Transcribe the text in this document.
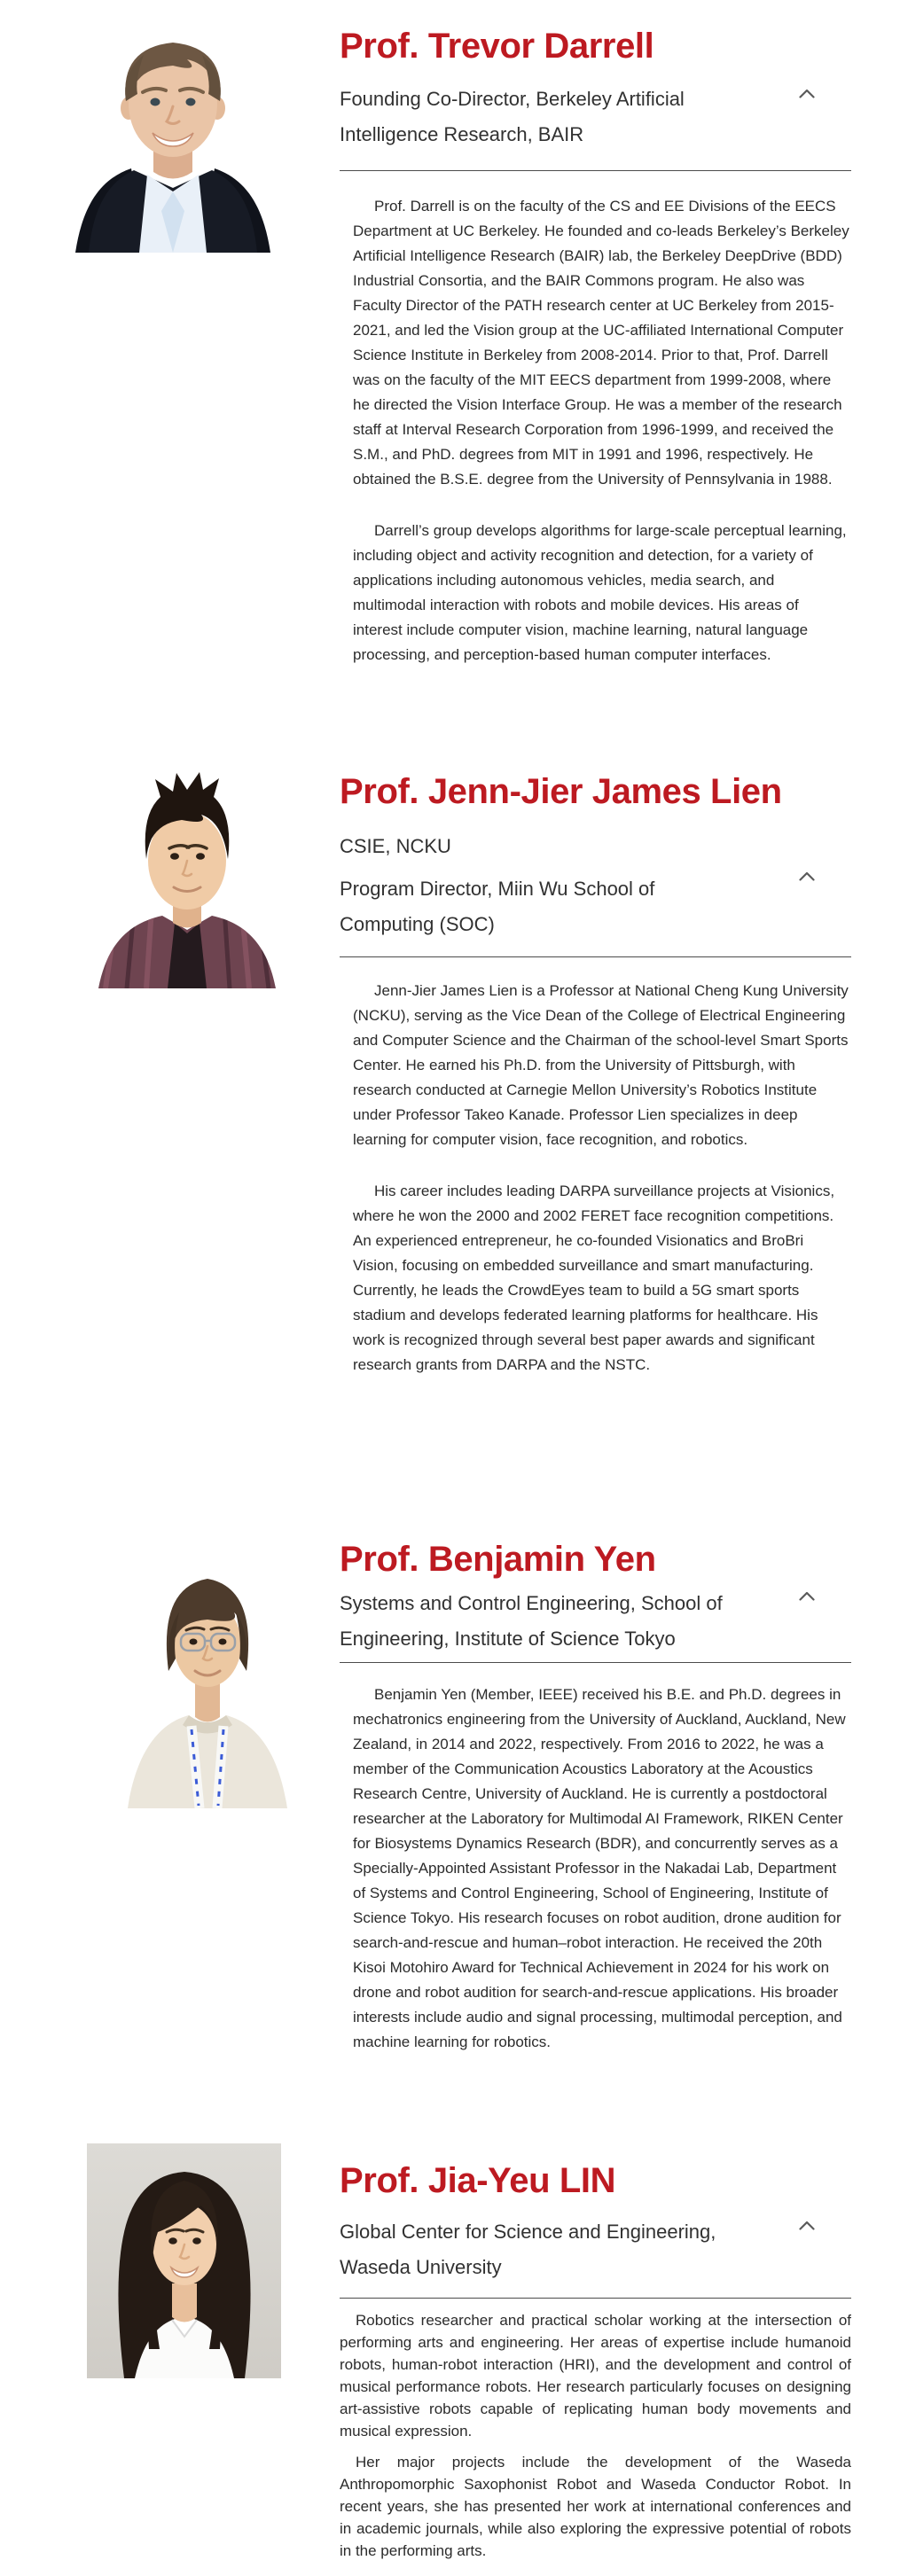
Prof. Trevor Darrell
Founding Co-Director, Berkeley Artificial Intelligence Research, BAIR

Prof. Darrell is on the faculty of the CS and EE Divisions of the EECS Department at UC Berkeley. He founded and co-leads Berkeley’s Berkeley Artificial Intelligence Research (BAIR) lab, the Berkeley DeepDrive (BDD) Industrial Consortia, and the BAIR Commons program. He also was Faculty Director of the PATH research center at UC Berkeley from 2015-2021, and led the Vision group at the UC-affiliated International Computer Science Institute in Berkeley from 2008-2014. Prior to that, Prof. Darrell was on the faculty of the MIT EECS department from 1999-2008, where he directed the Vision Interface Group. He was a member of the research staff at Interval Research Corporation from 1996-1999, and received the S.M., and PhD. degrees from MIT in 1991 and 1996, respectively. He obtained the B.S.E. degree from the University of Pennsylvania in 1988.

Darrell’s group develops algorithms for large-scale perceptual learning, including object and activity recognition and detection, for a variety of applications including autonomous vehicles, media search, and multimodal interaction with robots and mobile devices. His areas of interest include computer vision, machine learning, natural language processing, and perception-based human computer interfaces.

Prof. Jenn-Jier James Lien
CSIE, NCKU
Program Director, Miin Wu School of Computing (SOC)

Jenn-Jier James Lien is a Professor at National Cheng Kung University (NCKU), serving as the Vice Dean of the College of Electrical Engineering and Computer Science and the Chairman of the school-level Smart Sports Center. He earned his Ph.D. from the University of Pittsburgh, with research conducted at Carnegie Mellon University’s Robotics Institute under Professor Takeo Kanade. Professor Lien specializes in deep learning for computer vision, face recognition, and robotics.

His career includes leading DARPA surveillance projects at Visionics, where he won the 2000 and 2002 FERET face recognition competitions. An experienced entrepreneur, he co-founded Visionatics and BroBri Vision, focusing on embedded surveillance and smart manufacturing. Currently, he leads the CrowdEyes team to build a 5G smart sports stadium and develops federated learning platforms for healthcare. His work is recognized through several best paper awards and significant research grants from DARPA and the NSTC.

Prof. Benjamin Yen
Systems and Control Engineering, School of Engineering, Institute of Science Tokyo

Benjamin Yen (Member, IEEE) received his B.E. and Ph.D. degrees in mechatronics engineering from the University of Auckland, Auckland, New Zealand, in 2014 and 2022, respectively. From 2016 to 2022, he was a member of the Communication Acoustics Laboratory at the Acoustics Research Centre, University of Auckland. He is currently a postdoctoral researcher at the Laboratory for Multimodal AI Framework, RIKEN Center for Biosystems Dynamics Research (BDR), and concurrently serves as a Specially-Appointed Assistant Professor in the Nakadai Lab, Department of Systems and Control Engineering, School of Engineering, Institute of Science Tokyo. His research focuses on robot audition, drone audition for search-and-rescue and human–robot interaction. He received the 20th Kisoi Motohiro Award for Technical Achievement in 2024 for his work on drone and robot audition for search-and-rescue applications. His broader interests include audio and signal processing, multimodal perception, and machine learning for robotics.

Prof. Jia-Yeu LIN
Global Center for Science and Engineering, Waseda University

Robotics researcher and practical scholar working at the intersection of performing arts and engineering. Her areas of expertise include humanoid robots, human-robot interaction (HRI), and the development and control of musical performance robots. Her research particularly focuses on designing art-assistive robots capable of replicating human body movements and musical expression.

Her major projects include the development of the Waseda Anthropomorphic Saxophonist Robot and Waseda Conductor Robot. In recent years, she has presented her work at international conferences and in academic journals, while also exploring the expressive potential of robots in the performing arts.
